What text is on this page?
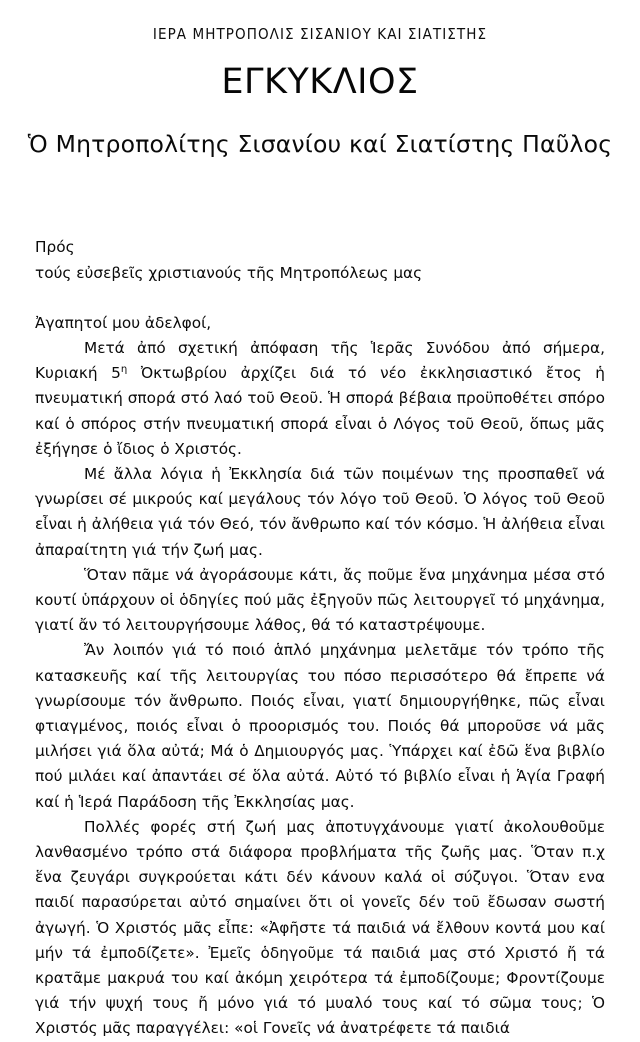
ΙΕΡΑ ΜΗΤΡΟΠΟΛΙΣ ΣΙΣΑΝΙΟΥ ΚΑΙ ΣΙΑΤΙΣΤΗΣ
ΕΓΚΥΚΛΙΟΣ
Ὁ Μητροπολίτης Σισανίου καί Σιατίστης Παῦλος
Πρός
τούς εὐσεβεῖς χριστιανούς τῆς Μητροπόλεως μας
Ἀγαπητοί μου ἀδελφοί,

Μετά ἀπό σχετική ἀπόφαση τῆς Ἱερᾶς Συνόδου ἀπό σήμερα, Κυριακή $5^\eta$ Ὀκτωβρίου ἀρχίζει διά τό νέο ἐκκλησιαστικό ἔτος ἡ πνευματική σπορά στό λαό τοῦ Θεοῦ. Ἡ σπορά βέβαια προϋποθέτει σπόρο καί ὁ σπόρος στήν πνευματική σπορά εἶναι ὁ Λόγος τοῦ Θεοῦ, ὅπως μᾶς ἐξήγησε ὁ ἴδιος ὁ Χριστός.

Μέ ἄλλα λόγια ἡ Ἐκκλησία διά τῶν ποιμένων της προσπαθεῖ νά γνωρίσει σέ μικρούς καί μεγάλους τόν λόγο τοῦ Θεοῦ. Ὁ λόγος τοῦ Θεοῦ εἶναι ἡ ἀλήθεια γιά τόν Θεό, τόν ἄνθρωπο καί τόν κόσμο. Ἡ ἀλήθεια εἶναι ἀπαραίτητη γιά τήν ζωή μας.

Ὅταν πᾶμε νά ἀγοράσουμε κάτι, ἄς ποῦμε ἕνα μηχάνημα μέσα στό κουτί ὑπάρχουν οἱ ὁδηγίες πού μᾶς ἐξηγοῦν πῶς λειτουργεῖ τό μηχάνημα, γιατί ἄν τό λειτουργήσουμε λάθος, θά τό καταστρέψουμε.

Ἄν λοιπόν γιά τό ποιό ἁπλό μηχάνημα μελετᾶμε τόν τρόπο τῆς κατασκευῆς καί τῆς λειτουργίας του πόσο περισσότερο θά ἔπρεπε νά γνωρίσουμε τόν ἄνθρωπο. Ποιός εἶναι, γιατί δημιουργήθηκε, πῶς εἶναι φτιαγμένος, ποιός εἶναι ὁ προορισμός του. Ποιός θά μποροῦσε νά μᾶς μιλήσει γιά ὅλα αὐτά; Μά ὁ Δημιουργός μας. Ὑπάρχει καί ἐδῶ ἕνα βιβλίο πού μιλάει καί ἀπαντάει σέ ὅλα αὐτά. Αὐτό τό βιβλίο εἶναι ἡ Ἁγία Γραφή καί ἡ Ἱερά Παράδοση τῆς Ἐκκλησίας μας.

Πολλές φορές στή ζωή μας ἀποτυγχάνουμε γιατί ἀκολουθοῦμε λανθασμένο τρόπο στά διάφορα προβλήματα τῆς ζωῆς μας. Ὅταν π.χ ἕνα ζευγάρι συγκρούεται κάτι δέν κάνουν καλά οἱ σύζυγοι. Ὅταν ενα παιδί παρασύρεται αὐτό σημαίνει ὅτι οἱ γονεῖς δέν τοῦ ἔδωσαν σωστή ἀγωγή. Ὁ Χριστός μᾶς εἶπε: «Ἀφῆστε τά παιδιά νά ἔλθουν κοντά μου καί μήν τά ἐμποδίζετε». Ἐμεῖς ὁδηγοῦμε τά παιδιά μας στό Χριστό ἤ τά κρατᾶμε μακρυά του καί ἀκόμη χειρότερα τά ἐμποδίζουμε; Φροντίζουμε γιά τήν ψυχή τους ἤ μόνο γιά τό μυαλό τους καί τό σῶμα τους; Ὁ Χριστός μᾶς παραγγέλει: «οἱ Γονεῖς νά ἀνατρέφετε τά παιδιά
